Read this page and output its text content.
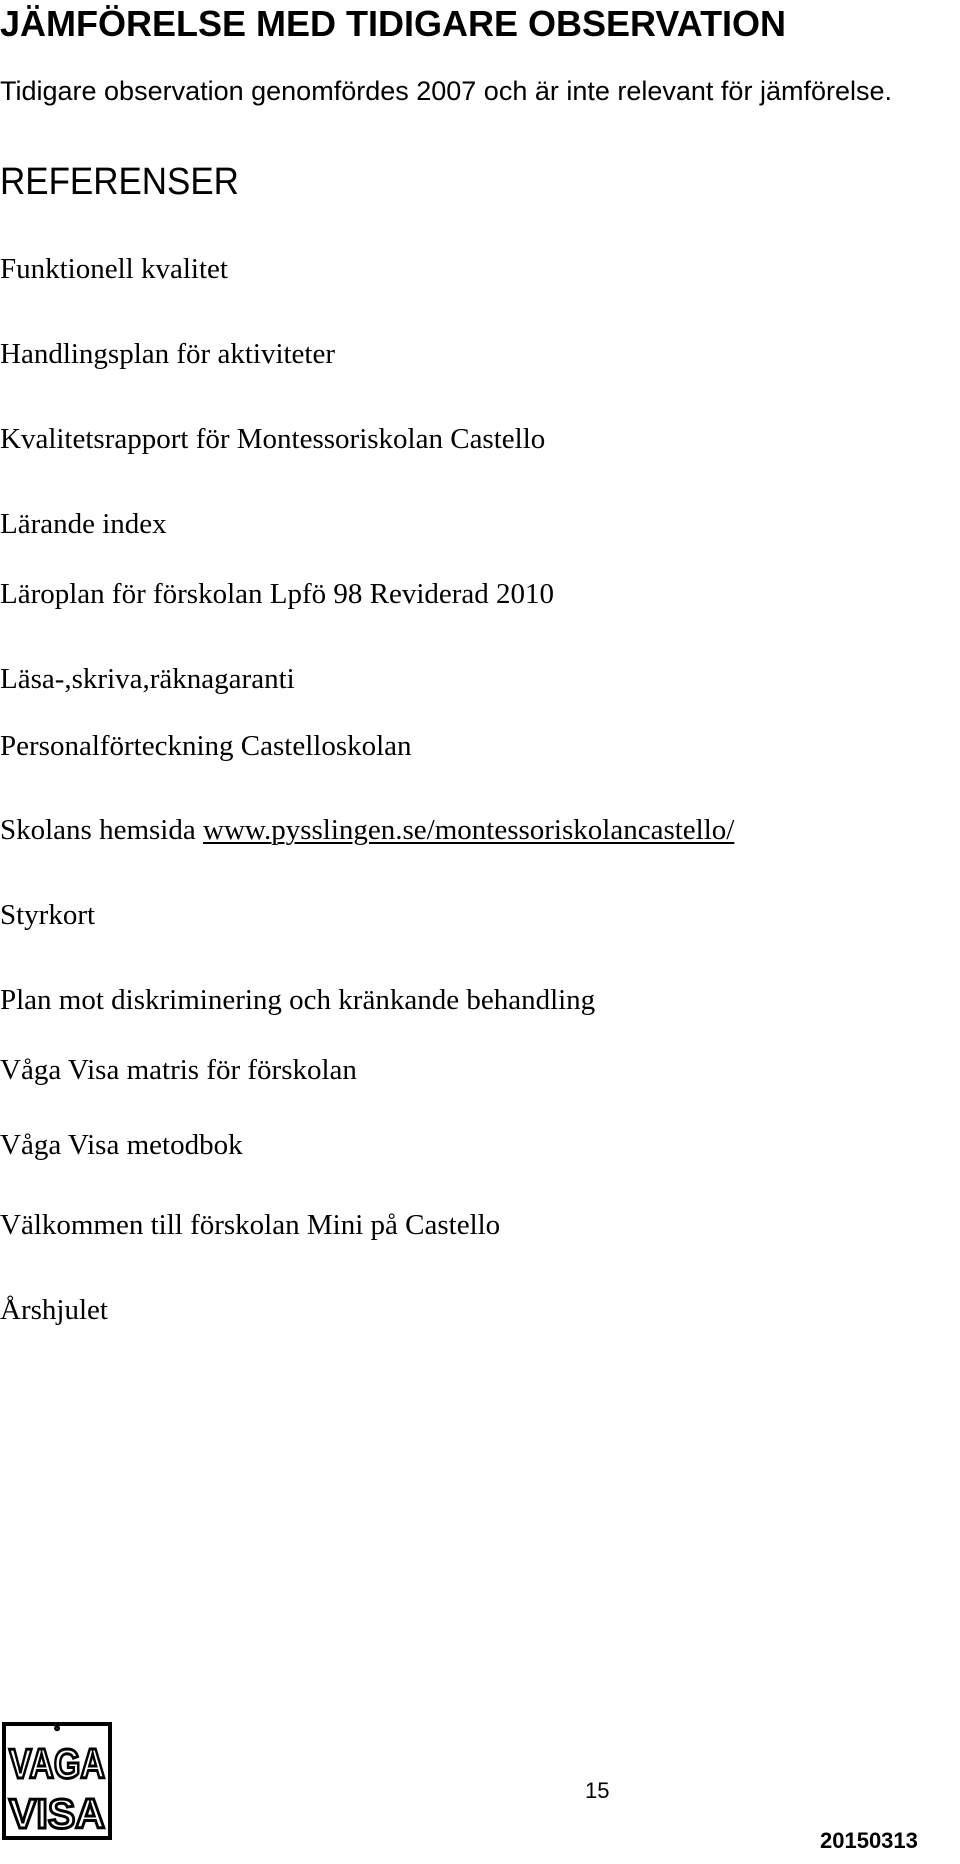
JÄMFÖRELSE MED TIDIGARE OBSERVATION
Tidigare observation genomfördes 2007 och är inte relevant för jämförelse.
REFERENSER
Funktionell kvalitet
Handlingsplan för aktiviteter
Kvalitetsrapport för Montessoriskolan Castello
Lärande index
Läroplan för förskolan Lpfö 98 Reviderad 2010
Läsa-,skriva,räknagaranti
Personalförteckning Castelloskolan
Skolans hemsida www.pysslingen.se/montessoriskolancastello/
Styrkort
Plan mot diskriminering och kränkande behandling
Våga Visa matris för förskolan
Våga Visa metodbok
Välkommen till förskolan Mini på Castello
Årshjulet
°
VAGA
VISA	15
20150313
